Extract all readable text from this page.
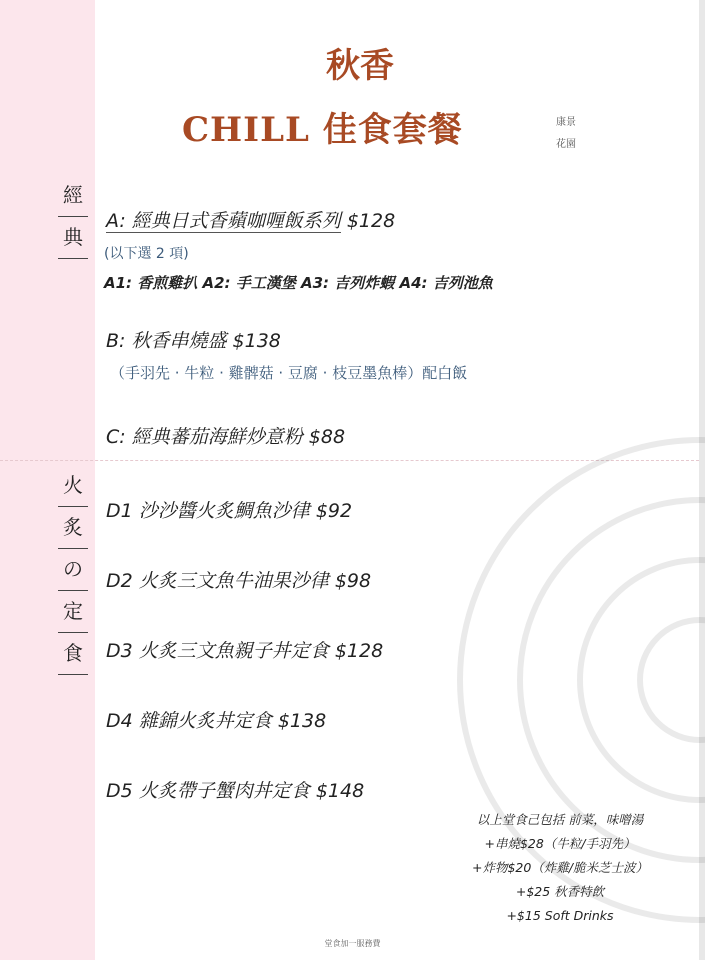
秋香
CHILL 佳食套餐	康景花園
經
典
火
炙
の
定
食
A: 經典日式香蘋咖喱飯系列 $128
(以下選 2 項)
A1: 香煎雞扒 A2: 手工漢堡 A3: 吉列炸蝦 A4: 吉列池魚
B: 秋香串燒盛 $138
（手羽先 · 牛粒 · 雞髀菇 · 豆腐 · 枝豆墨魚棒）配白飯
C: 經典蕃茄海鮮炒意粉 $88
D1 沙沙醬火炙鯛魚沙律 $92
D2 火炙三文魚牛油果沙律 $98
D3 火炙三文魚親子丼定食 $128
D4 雜錦火炙丼定食 $138
D5 火炙帶子蟹肉丼定食 $148
以上堂食己包括 前菜，味噌湯
+串燒$28（牛粒/手羽先）
+炸物$20（炸雞/脆米芝士波）
+$25 秋香特飲
+$15 Soft Drinks
堂食加一服務費
